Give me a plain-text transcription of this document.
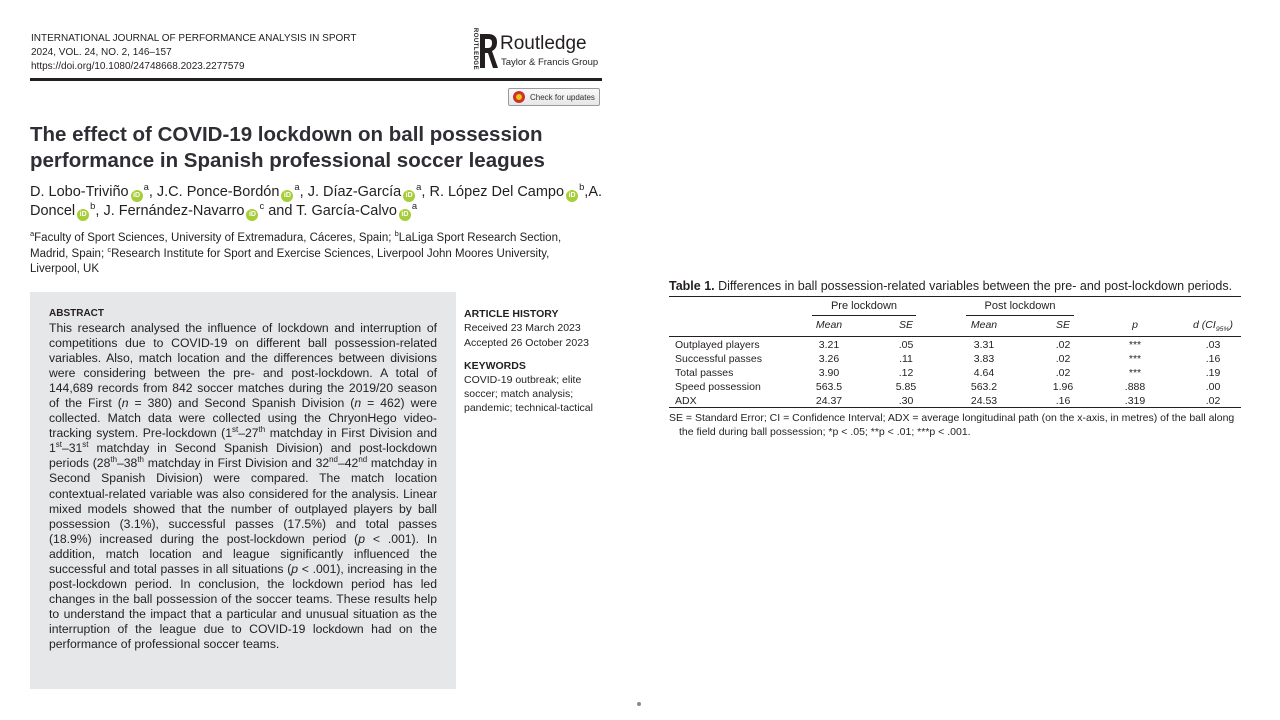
INTERNATIONAL JOURNAL OF PERFORMANCE ANALYSIS IN SPORT
2024, VOL. 24, NO. 2, 146–157
https://doi.org/10.1080/24748668.2023.2277579	ROUTLEDGE Routledge
Taylor & Francis Group
Check for updates
The effect of COVID-19 lockdown on ball possession performance in Spanish professional soccer leagues
D. Lobo-Triviño $iD^a$, J.C. Ponce-Bordón $iD^a$, J. Díaz-García $iD^a$, R. López Del Campo $iD^b,A$. Doncel $iD^b$, J. Fernández-Navarro $iD^c$ and T. García-Calvo $iD^a$
$^a$Faculty of Sport Sciences, University of Extremadura, Cáceres, Spain; $^b$LaLiga Sport Research Section, Madrid, Spain; $^c$Research Institute for Sport and Exercise Sciences, Liverpool John Moores University, Liverpool, UK
ABSTRACT
This research analysed the influence of lockdown and interruption of competitions due to COVID-19 on different ball possession-related variables. Also, match location and the differences between divisions were considering between the pre- and post-lockdown. A total of 144,689 records from 842 soccer matches during the 2019/20 season of the First (n = 380) and Second Spanish Division (n = 462) were collected. Match data were collected using the ChryonHego video-tracking system. Pre-lockdown (1st–27th matchday in First Division and 1st–31st matchday in Second Spanish Division) and post-lockdown periods (28th–38th matchday in First Division and 32nd–42nd matchday in Second Spanish Division) were compared. The match location contextual-related variable was also considered for the analysis. Linear mixed models showed that the number of outplayed players by ball possession (3.1%), successful passes (17.5%) and total passes (18.9%) increased during the post-lockdown period (p < .001). In addition, match location and league significantly influenced the successful and total passes in all situations (p < .001), increasing in the post-lockdown period. In conclusion, the lockdown period has led changes in the ball possession of the soccer teams. These results help to understand the impact that a particular and unusual situation as the interruption of the league due to COVID-19 lockdown had on the performance of professional soccer teams.
ARTICLE HISTORY
Received 23 March 2023
Accepted 26 October 2023
KEYWORDS
COVID-19 outbreak; elite soccer; match analysis; pandemic; technical-tactical
Table 1. Differences in ball possession-related variables between the pre- and post-lockdown periods.
Pre lockdown	Post lockdown
Mean	SE	Mean	SE	p	d $(CI_{95\%})$
Outplayed players	3.21	.05	3.31	.02	***	.03
Successful passes	3.26	.11	3.83	.02	***	.16
Total passes	3.90	.12	4.64	.02	***	.19
Speed possession	563.5	5.85	563.2	1.96	.888	.00
ADX	24.37	.30	24.53	.16	.319	.02
SE = Standard Error; CI = Confidence Interval; ADX = average longitudinal path (on the x-axis, in metres) of the ball along
the field during ball possession; *p < .05; **p < .01; ***p < .001.
